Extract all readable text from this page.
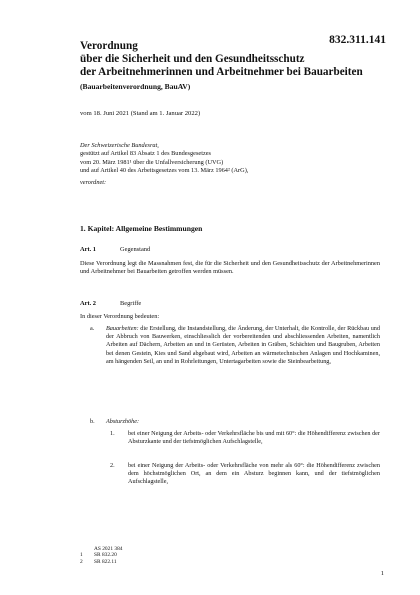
832.311.141
Verordnung
über die Sicherheit und den Gesundheitsschutz
der Arbeitnehmerinnen und Arbeitnehmer bei Bauarbeiten
(Bauarbeitenverordnung, BauAV)
vom 18. Juni 2021 (Stand am 1. Januar 2022)
Der Schweizerische Bundesrat,
gestützt auf Artikel 83 Absatz 1 des Bundesgesetzes
vom 20. März 1981¹ über die Unfallversicherung (UVG)
und auf Artikel 40 des Arbeitsgesetzes vom 13. März 1964² (ArG),
verordnet:
1. Kapitel: Allgemeine Bestimmungen
Art. 1	Gegenstand
Diese Verordnung legt die Massnahmen fest, die für die Sicherheit und den Gesundheitsschutz der Arbeitnehmerinnen und Arbeitnehmer bei Bauarbeiten getroffen werden müssen.
Art. 2	Begriffe
In dieser Verordnung bedeuten:
a. Bauarbeiten: die Erstellung, die Instandstellung, die Änderung, der Unterhalt, die Kontrolle, der Rückbau und der Abbruch von Bauwerken, einschliesslich der vorbereitenden und abschliessenden Arbeiten, namentlich Arbeiten auf Dächern, Arbeiten an und in Gerüsten, Arbeiten in Gräben, Schächten und Baugruben, Arbeiten bei denen Gestein, Kies und Sand abgebaut wird, Arbeiten an wärmetechnischen Anlagen und Hochkaminen, am hängenden Seil, an und in Rohrleitungen, Untertagarbeiten sowie die Steinbearbeitung,
b. Absturzhöhe:
1. bei einer Neigung der Arbeits- oder Verkehrsfläche bis und mit 60°: die Höhendifferenz zwischen der Absturzkante und der tiefstmöglichen Aufschlagstelle,
2. bei einer Neigung der Arbeits- oder Verkehrsfläche von mehr als 60°: die Höhendifferenz zwischen dem höchstmöglichen Ort, an dem ein Absturz beginnen kann, und der tiefstmöglichen Aufschlagstelle,
AS 2021 384
1 SR 832.20
2 SR 822.11
1
